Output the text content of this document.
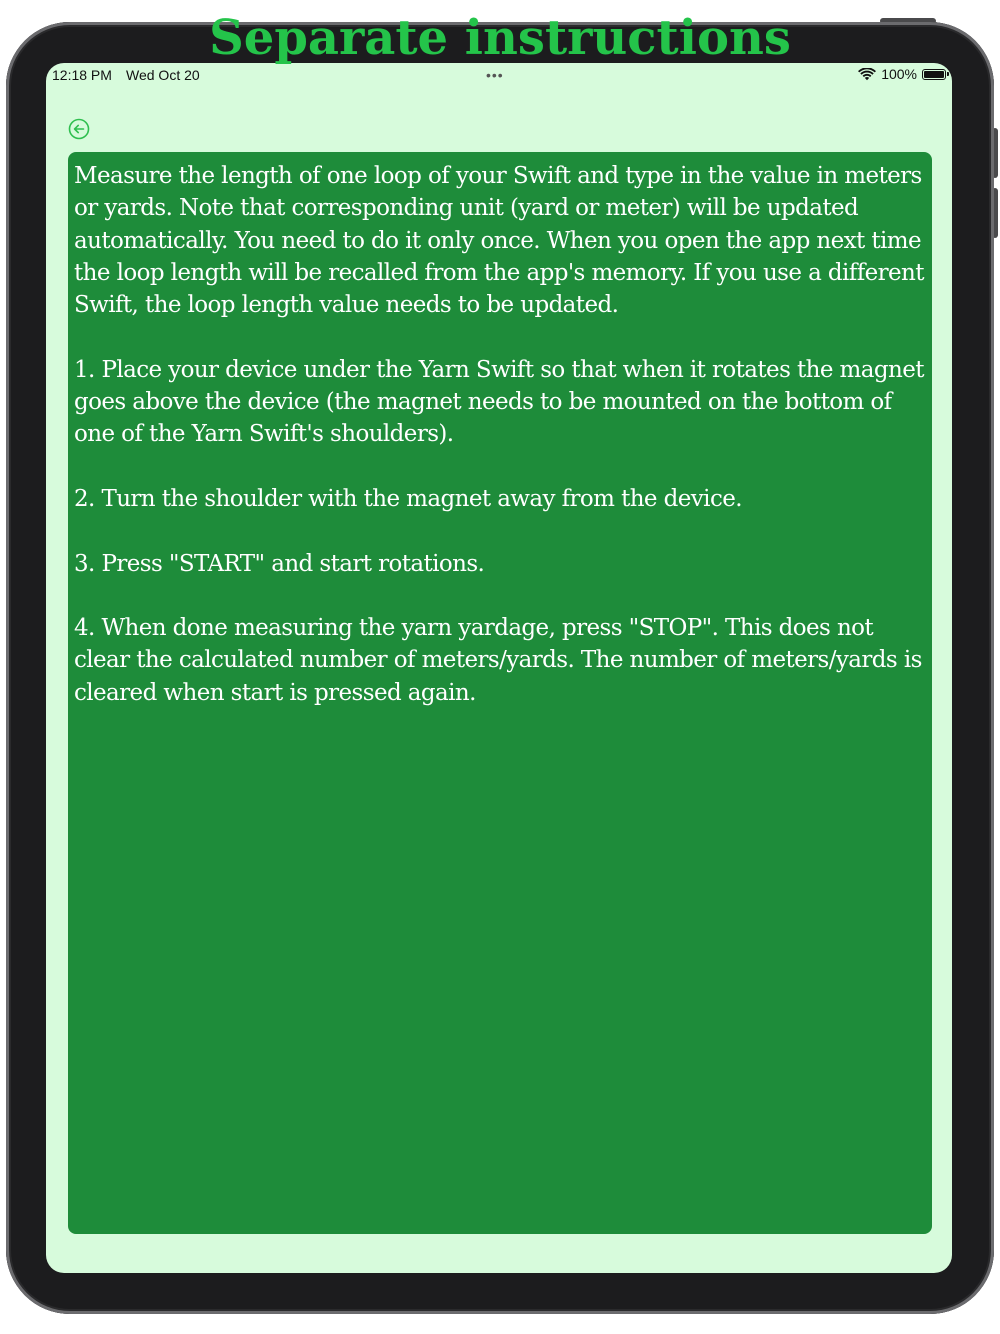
12:18 PM Wed Oct 20	•••	100%
Separate instructions

Measure the length of one loop of your Swift and type in the value in meters or yards. Note that corresponding unit (yard or meter) will be updated automatically. You need to do it only once. When you open the app next time the loop length will be recalled from the app's memory. If you use a different Swift, the loop length value needs to be updated.

1. Place your device under the Yarn Swift so that when it rotates the magnet goes above the device (the magnet needs to be mounted on the bottom of one of the Yarn Swift's shoulders).

2. Turn the shoulder with the magnet away from the device.

3. Press "START" and start rotations.

4. When done measuring the yarn yardage, press "STOP". This does not clear the calculated number of meters/yards. The number of meters/yards is cleared when start is pressed again.
